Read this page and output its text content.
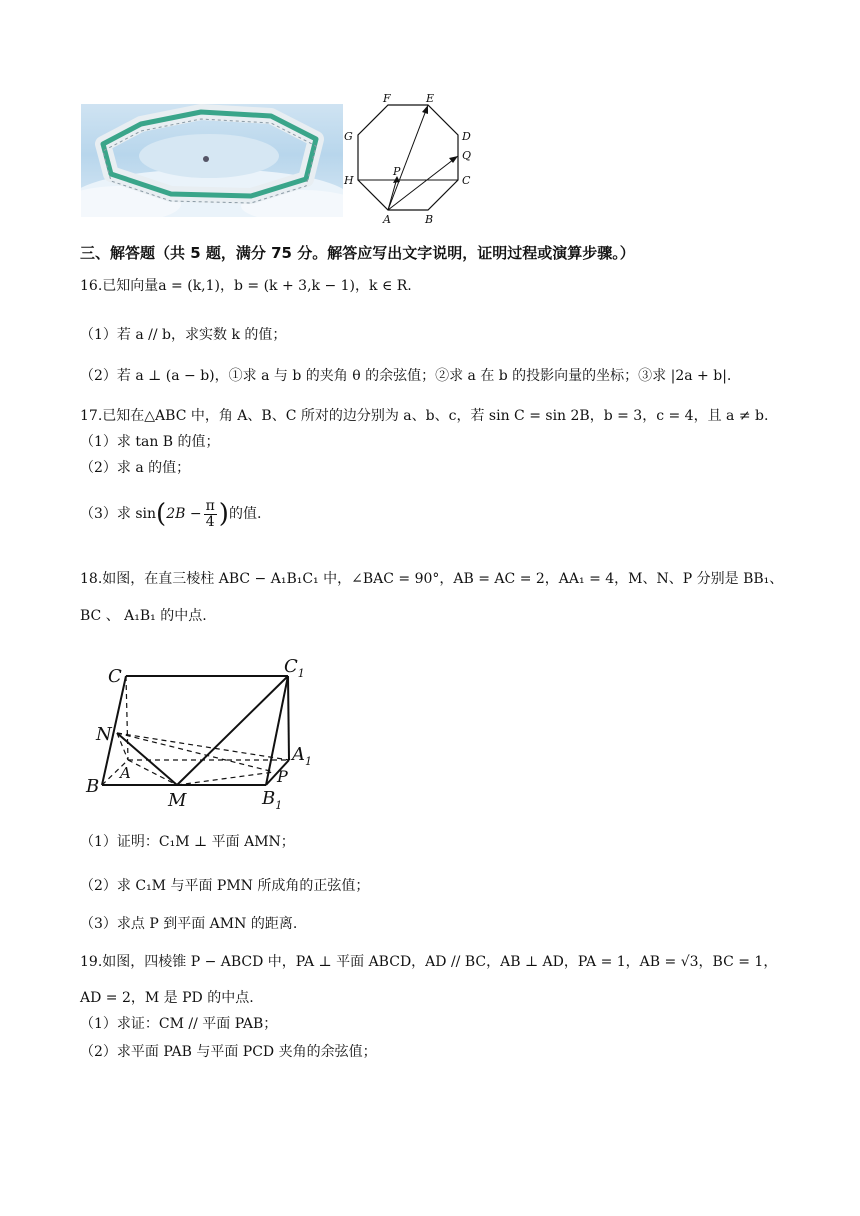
F	E
G	D
Q
H
P
C
A	B
三、解答题（共 5 题，满分 75 分。解答应写出文字说明，证明过程或演算步骤。）
16.已知向量a = (k,1)，b = (k + 3,k − 1)，k ∈ R.
（1）若 a // b，求实数 k 的值；
（2）若 a ⊥ (a − b)，①求 a 与 b 的夹角 θ 的余弦值；②求 a 在 b 的投影向量的坐标；③求 |2a + b|.
17.已知在△ABC 中，角 A、B、C 所对的边分别为 a、b、c，若 sin C = sin 2B，b = 3，c = 4，且 a ≠ b.
（1）求 tan B 的值；
（2）求 a 的值；
（3）求 $\sin(2B - \frac{\pi}{4}$ )的值.
18.如图，在直三棱柱 ABC − A₁B₁C₁ 中，∠BAC = 90°，AB = AC = 2，AA₁ = 4，M、N、P 分别是 BB₁、
BC 、 A₁B₁ 的中点.
C	$C_1$
N
A
$A_1$
B
M
P
$B_1$
（1）证明：C₁M ⊥ 平面 AMN；
（2）求 C₁M 与平面 PMN 所成角的正弦值；
（3）求点 P 到平面 AMN 的距离.
19.如图，四棱锥 P − ABCD 中，PA ⊥ 平面 ABCD，AD // BC，AB ⊥ AD，PA = 1，AB = √3，BC = 1，
AD = 2，M 是 PD 的中点.
（1）求证：CM // 平面 PAB；
（2）求平面 PAB 与平面 PCD 夹角的余弦值；
